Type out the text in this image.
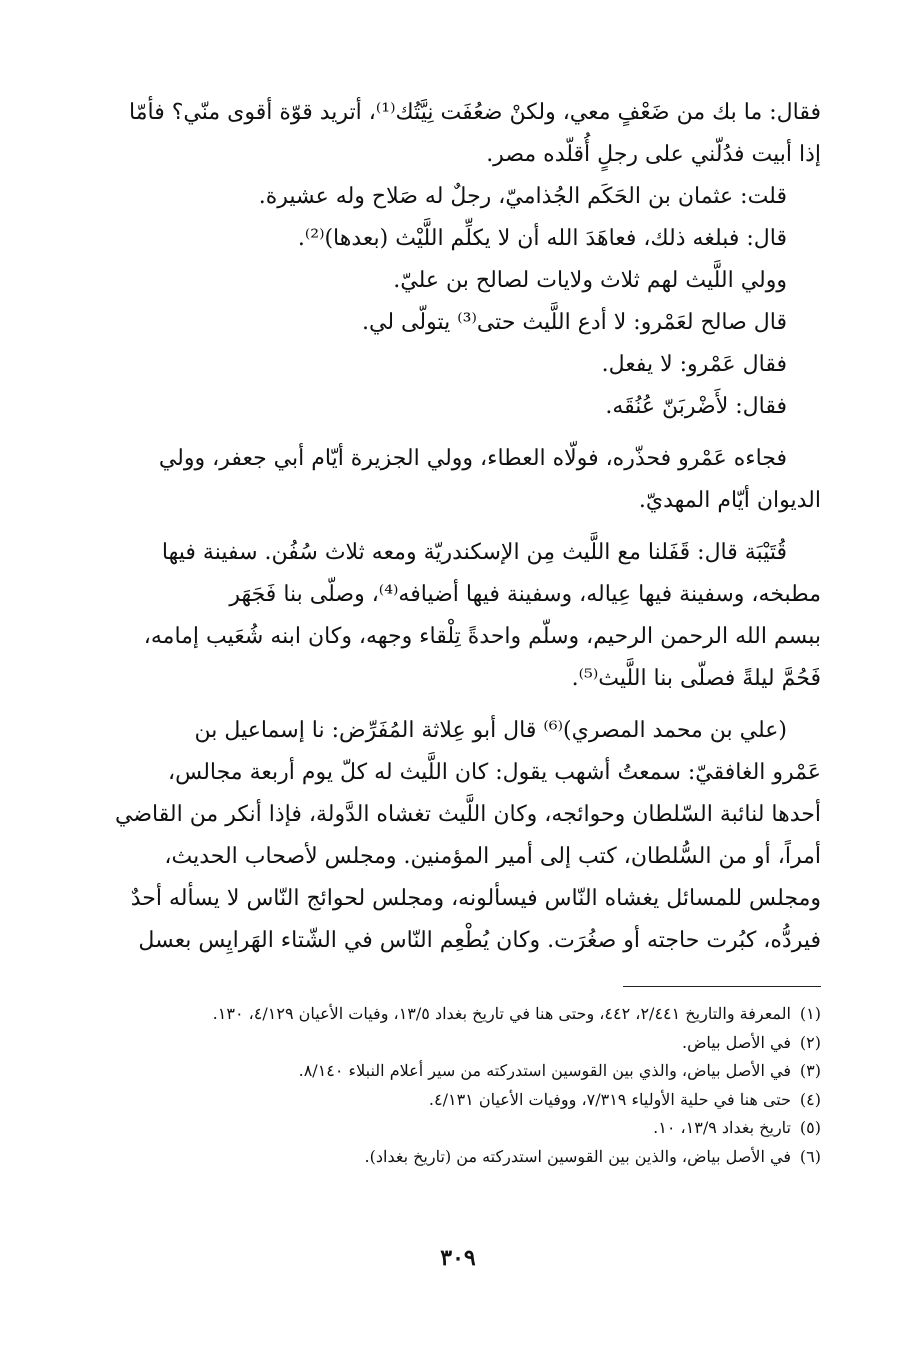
فقال: ما بك من ضَعْفٍ معي، ولكنْ ضعُفَت نِيَّتُك⁽¹⁾، أتريد قوّة أقوى منّي؟ فأمّا

إذا أبيت فدُلّني على رجلٍ أُقلّده مصر.

قلت: عثمان بن الحَكَم الجُذاميّ، رجلٌ له صَلاح وله عشيرة.

قال: فبلغه ذلك، فعاهَدَ الله أن لا يكلِّم اللَّيْث (بعدها)⁽²⁾.

وولي اللَّيث لهم ثلاث ولايات لصالح بن عليّ.

قال صالح لعَمْرو: لا أدع اللَّيث حتى⁽³⁾ يتولّى لي.

فقال عَمْرو: لا يفعل.

فقال: لأَضْربَنّ عُنُقَه.

فجاءه عَمْرو فحذّره، فولّاه العطاء، وولي الجزيرة أيّام أبي جعفر، وولي

الديوان أيّام المهديّ.

قُتَيْبَة قال: قَفَلنا مع اللَّيث مِن الإسكندريّة ومعه ثلاث سُفُن. سفينة فيها

مطبخه، وسفينة فيها عِياله، وسفينة فيها أضيافه⁽⁴⁾، وصلّى بنا فَجَهَر

ببسم الله الرحمن الرحيم، وسلّم واحدةً تِلْقاء وجهه، وكان ابنه شُعَيب إمامه،

فَحُمَّ ليلةً فصلّى بنا اللَّيث⁽⁵⁾.

(علي بن محمد المصري)⁽⁶⁾ قال أبو عِلاثة المُفَرِّض: نا إسماعيل بن

عَمْرو الغافقيّ: سمعتُ أشهب يقول: كان اللَّيث له كلّ يوم أربعة مجالس،

أحدها لنائبة السّلطان وحوائجه، وكان اللَّيث تغشاه الدَّولة، فإذا أنكر من القاضي

أمراً، أو من السُّلطان، كتب إلى أمير المؤمنين. ومجلس لأصحاب الحديث،

ومجلس للمسائل يغشاه النّاس فيسألونه، ومجلس لحوائج النّاس لا يسأله أحدٌ

فيردُّه، كبُرت حاجته أو صغُرَت. وكان يُطْعِم النّاس في الشّتاء الهَرايِس بعسل

(١)
المعرفة والتاريخ ٢/٤٤١، ٤٤٢، وحتى هنا في تاريخ بغداد ١٣/٥، وفيات الأعيان ٤/١٢٩، ١٣٠.
(٢)
في الأصل بياض.
(٣)
في الأصل بياض، والذي بين القوسين استدركته من سير أعلام النبلاء ٨/١٤٠.
(٤)
حتى هنا في حلية الأولياء ٧/٣١٩، ووفيات الأعيان ٤/١٣١.
(٥)
تاريخ بغداد ١٣/٩، ١٠.
(٦)
في الأصل بياض، والذين بين القوسين استدركته من (تاريخ بغداد).
٣٠٩
